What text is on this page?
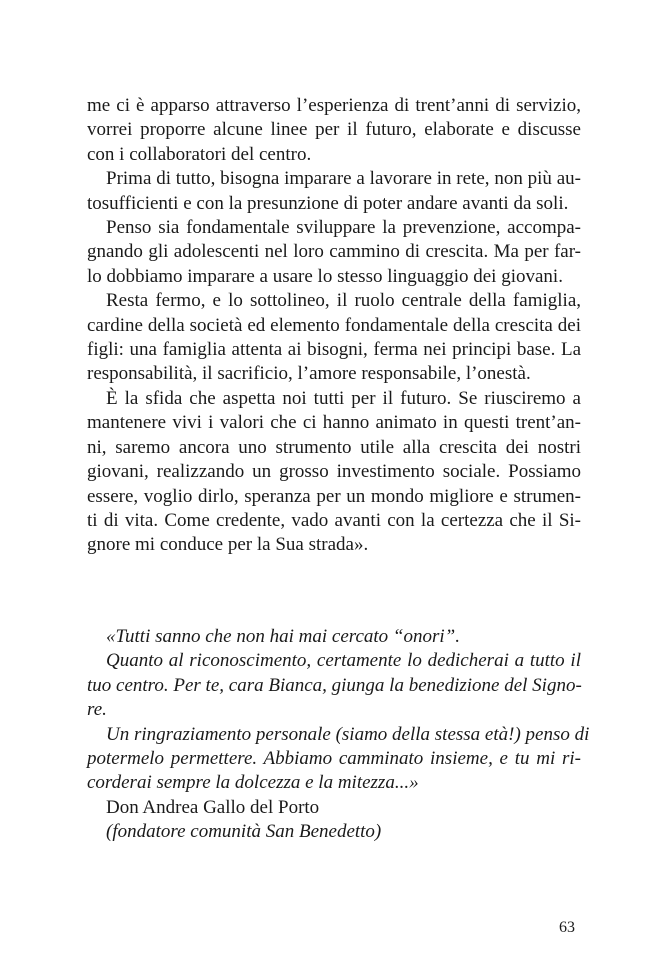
me ci è apparso attraverso l’esperienza di trent’anni di servizio,
vorrei proporre alcune linee per il futuro, elaborate e discusse
con i collaboratori del centro.
Prima di tutto, bisogna imparare a lavorare in rete, non più au-
tosufficienti e con la presunzione di poter andare avanti da soli.
Penso sia fondamentale sviluppare la prevenzione, accompa-
gnando gli adolescenti nel loro cammino di crescita. Ma per far-
lo dobbiamo imparare a usare lo stesso linguaggio dei giovani.
Resta fermo, e lo sottolineo, il ruolo centrale della famiglia,
cardine della società ed elemento fondamentale della crescita dei
figli: una famiglia attenta ai bisogni, ferma nei principi base. La
responsabilità, il sacrificio, l’amore responsabile, l’onestà.
È la sfida che aspetta noi tutti per il futuro. Se riusciremo a
mantenere vivi i valori che ci hanno animato in questi trent’an-
ni, saremo ancora uno strumento utile alla crescita dei nostri
giovani, realizzando un grosso investimento sociale. Possiamo
essere, voglio dirlo, speranza per un mondo migliore e strumen-
ti di vita. Come credente, vado avanti con la certezza che il Si-
gnore mi conduce per la Sua strada».
«Tutti sanno che non hai mai cercato “onori”.
Quanto al riconoscimento, certamente lo dedicherai a tutto il
tuo centro. Per te, cara Bianca, giunga la benedizione del Signo-
re.
Un ringraziamento personale (siamo della stessa età!) penso di
potermelo permettere. Abbiamo camminato insieme, e tu mi ri-
corderai sempre la dolcezza e la mitezza...»
Don Andrea Gallo del Porto
(fondatore comunità San Benedetto)
63
